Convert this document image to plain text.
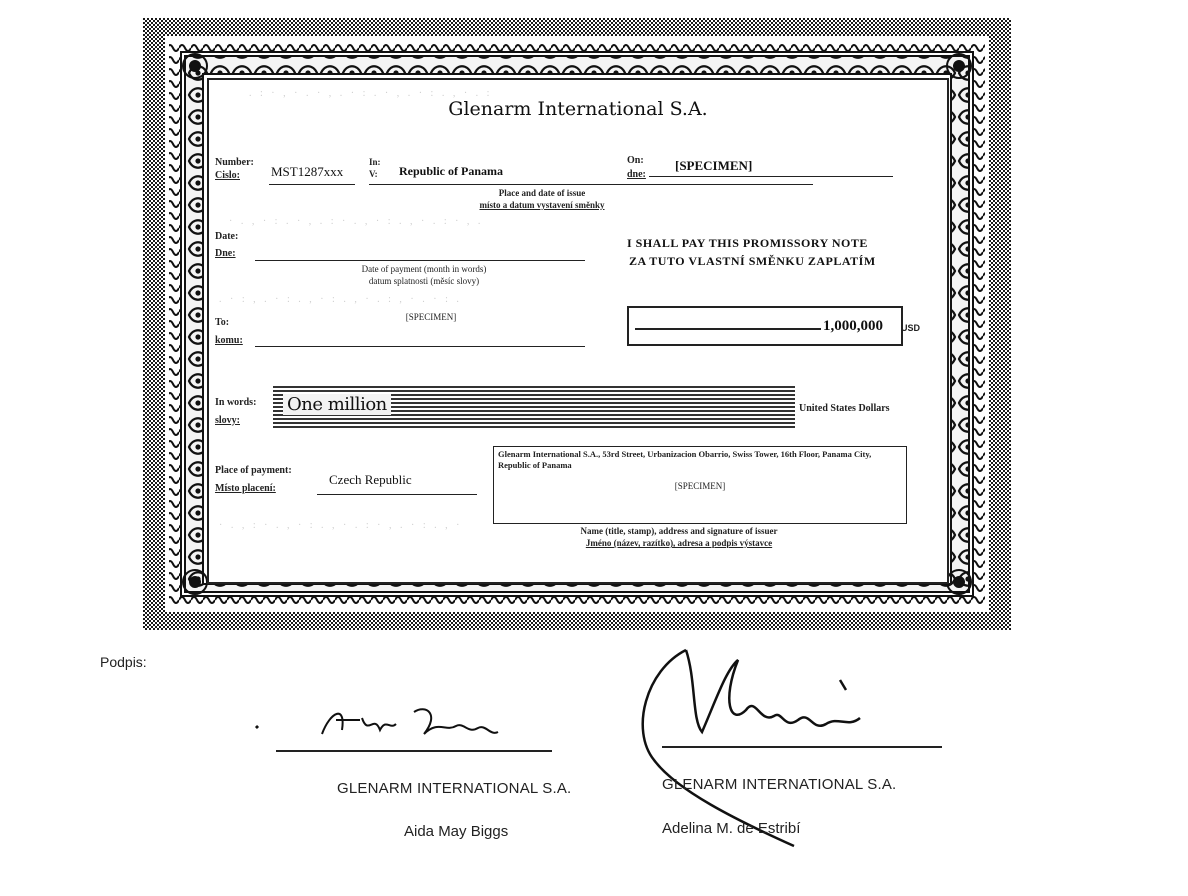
. : · , · . · , . · : . · , . · : . , · . :
· . , · : . · , . : · . , · : . , · . : · , .
. · : , . · : . , · : . , · . : , · . · : .
· . , : · . , · : . , · . : · , . · : . , ·
Glenarm International S.A.
Number:
Cislo: MST1287xxx
In:
V: Republic of Panama
On:
dne:
[SPECIMEN]
Place and date of issue
místo a datum vystavení směnky
Date:
Dne:
Date of payment (month in words)
datum splatnosti (měsíc slovy)
I SHALL PAY THIS PROMISSORY NOTE
ZA TUTO VLASTNÍ SMĚNKU ZAPLATÍM
To:
komu:
[SPECIMEN]
1,000,000 USD
In words:
slovy:
One million	United States Dollars
Glenarm International S.A., 53rd Street, Urbanizacion Obarrio, Swiss Tower, 16th Floor, Panama City, Republic of Panama
[SPECIMEN]
Place of payment:
Místo placení:
Czech Republic
Name (title, stamp), address and signature of issuer
Jméno (název, razítko), adresa a podpis výstavce
Podpis:
GLENARM INTERNATIONAL S.A.
Aida May Biggs
GLENARM INTERNATIONAL S.A.
Adelina M. de Estribí
